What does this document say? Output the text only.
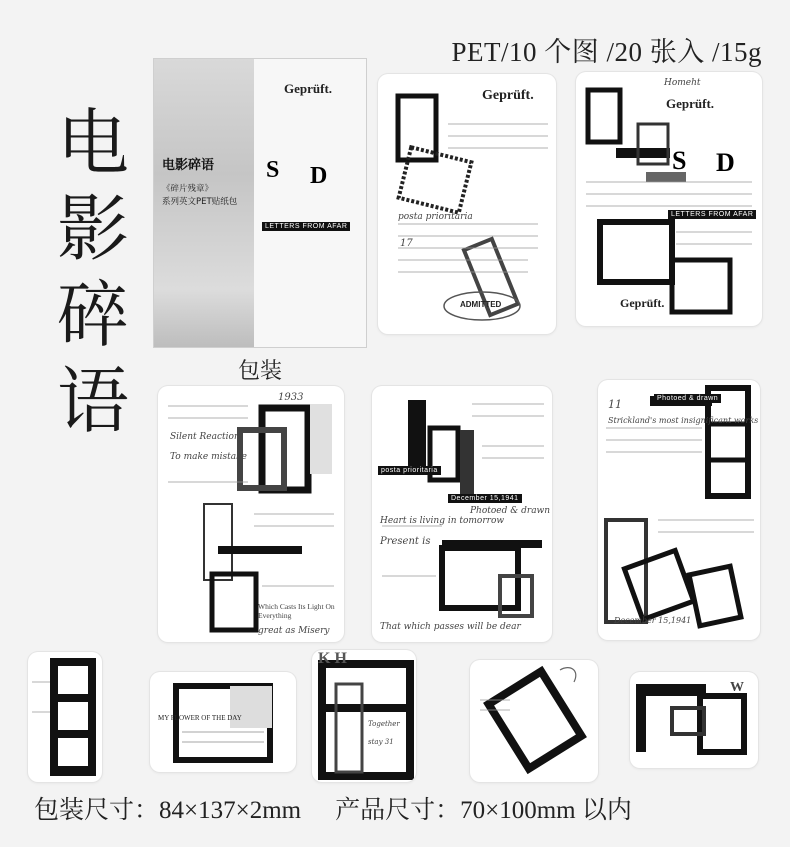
PET/10 个图 /20 张入 /15g
电
影
碎
语
Geprüft.
S D
LETTERS FROM AFAR
电影碎语
《碎片残章》
系列英文PET贴纸包
包装
Geprüft.
posta prioritaria
17
ADMITTED
Homeht
Geprüft.
S D
LETTERS FROM AFAR
Geprüft.
1933
Silent Reaction
To make mistake
Which Casts Its Light On Everything
great as Misery
posta prioritaria
December 15,1941
Photoed & drawn
Heart is living in tomorrow
Present is
That which passes will be dear
11	Photoed & drawn
Strickland's most insignificant works
December 15,1941
MY FLOWER OF THE DAY
K H
Together
stay 31
W
包装尺寸：84×137×2mm 产品尺寸：70×100mm 以内
